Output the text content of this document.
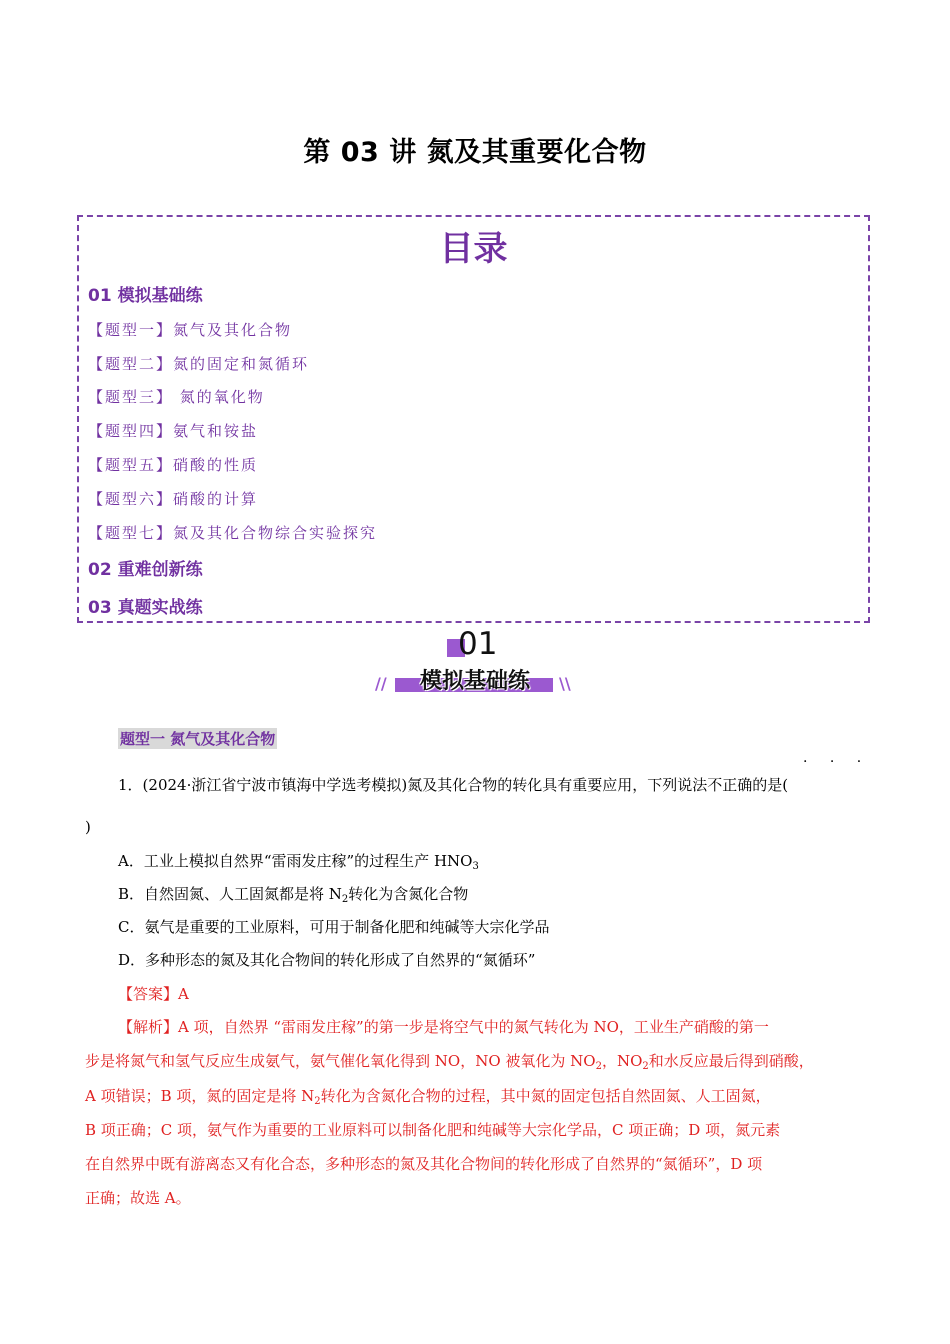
第 03 讲 氮及其重要化合物
目录
01 模拟基础练
【题型一】氮气及其化合物
【题型二】氮的固定和氮循环
【题型三】 氮的氧化物
【题型四】氨气和铵盐
【题型五】硝酸的性质
【题型六】硝酸的计算
【题型七】氮及其化合物综合实验探究
02 重难创新练
03 真题实战练
01
模拟基础练
//	\\
题型一 氮气及其化合物
· · ·
1．(2024·浙江省宁波市镇海中学选考模拟)氮及其化合物的转化具有重要应用，下列说法不正确的是(
)
A．工业上模拟自然界“雷雨发庄稼”的过程生产 $HNO_3$
B．自然固氮、人工固氮都是将 $N_2$转化为含氮化合物
C．氨气是重要的工业原料，可用于制备化肥和纯碱等大宗化学品
D．多种形态的氮及其化合物间的转化形成了自然界的“氮循环”
【答案】A
【解析】A 项，自然界 “雷雨发庄稼”的第一步是将空气中的氮气转化为 NO，工业生产硝酸的第一
步是将氮气和氢气反应生成氨气，氨气催化氧化得到 NO，NO 被氧化为 $NO_2$，$NO_2$和水反应最后得到硝酸，
A 项错误；B 项，氮的固定是将 $N_2$转化为含氮化合物的过程，其中氮的固定包括自然固氮、人工固氮，
B 项正确；C 项，氨气作为重要的工业原料可以制备化肥和纯碱等大宗化学品，C 项正确；D 项，氮元素
在自然界中既有游离态又有化合态，多种形态的氮及其化合物间的转化形成了自然界的“氮循环”，D 项
正确；故选 A。
